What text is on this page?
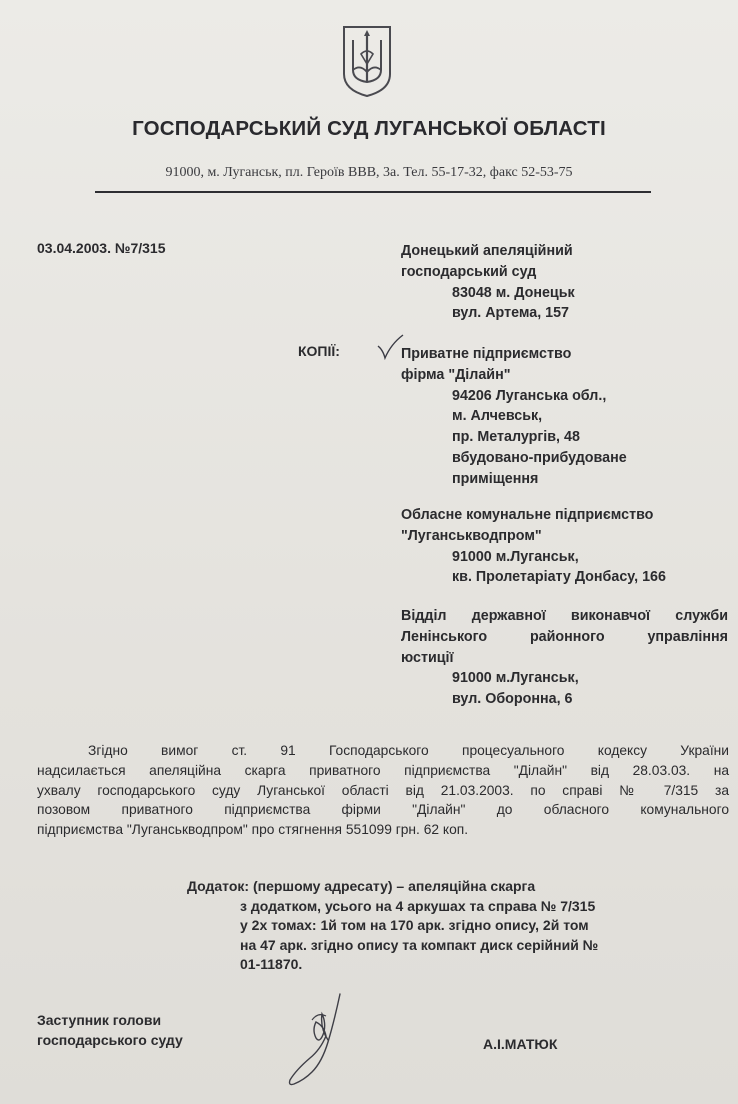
ГОСПОДАРСЬКИЙ СУД ЛУГАНСЬКОЇ ОБЛАСТІ
91000, м. Луганськ, пл. Героїв ВВВ, 3а. Тел. 55-17-32, факс 52-53-75
03.04.2003. №7/315	Донецький апеляційний
господарський суд
83048 м. Донецьк
вул. Артема, 157
КОПІЇ:	Приватне підприємство
фірма "Ділайн"
94206 Луганська обл.,
м. Алчевськ,
пр. Металургів, 48
вбудовано-прибудоване
приміщення
Обласне комунальне підприємство
"Луганськводпром"
91000 м.Луганськ,
кв. Пролетаріату Донбасу, 166
Відділ державної виконавчої служби
Ленінського	районного	управління
юстиції
91000 м.Луганськ,
вул. Оборонна, 6
Згідно вимог ст. 91 Господарського процесуального кодексу України
надсилається апеляційна скарга приватного підприємства "Ділайн" від 28.03.03. на
ухвалу господарського суду Луганської області від 21.03.2003. по справі № 7/315 за
позовом приватного підприємства фірми "Ділайн" до обласного комунального
підприємства "Луганськводпром" про стягнення 551099 грн. 62 коп.
Додаток: (першому адресату) – апеляційна скарга
з додатком, усього на 4 аркушах та справа № 7/315
у 2х томах: 1й том на 170 арк. згідно опису, 2й том
на 47 арк. згідно опису та компакт диск серійний №
01-11870.
Заступник голови
господарського суду	А.І.МАТЮК
